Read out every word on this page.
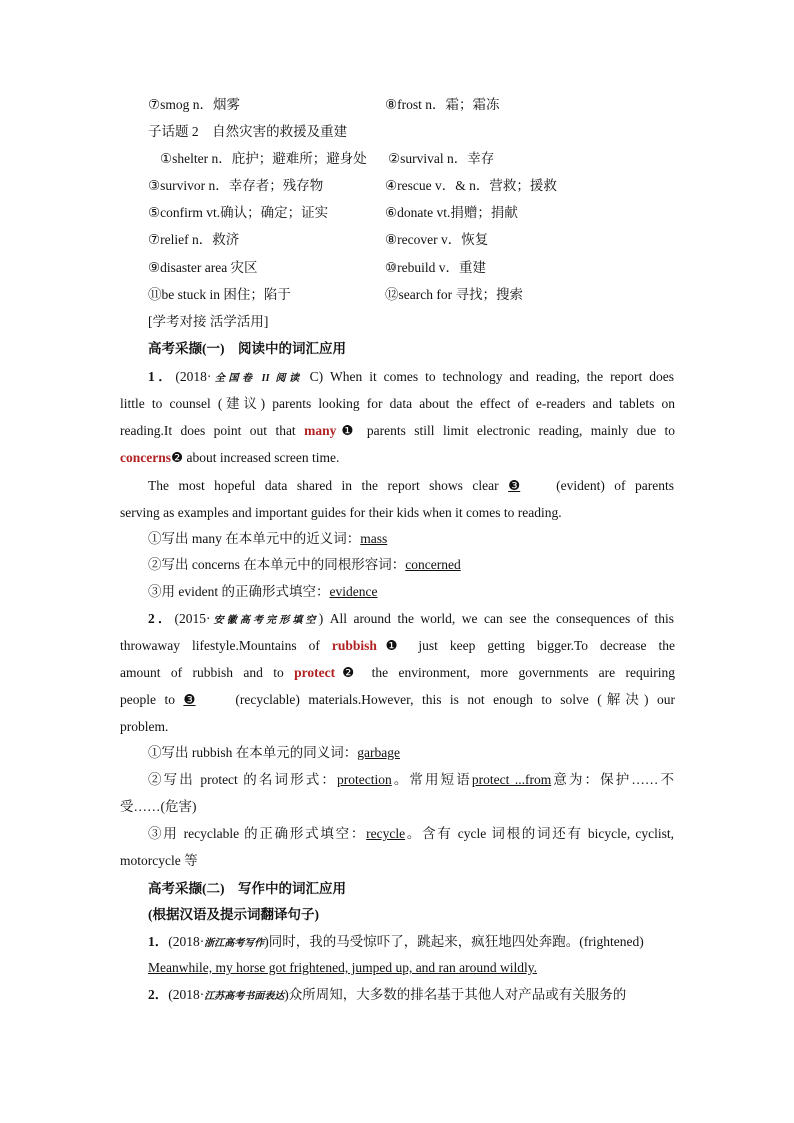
⑦smog n．烟雾	⑧frost n．霜；霜冻
子话题 2　自然灾害的救援及重建
①shelter n．庇护；避难所；避身处 ②survival n．幸存
③survivor n．幸存者；残存物	④rescue v．& n．营救；援救
⑤confirm vt.确认；确定；证实	⑥donate vt.捐赠；捐献
⑦relief n．救济	⑧recover v．恢复
⑨disaster area 灾区	⑩rebuild v．重建
⑪be stuck in 困住；陷于	⑫search for 寻找；搜索
[学考对接 活学活用]
高考采撷(一)　阅读中的词汇应用
1．(2018·全国卷 II 阅读 C) When it comes to technology and reading, the report does
little to counsel (建议) parents looking for data about the effect of e-readers and tablets on
reading.It does point out that many❶ parents still limit electronic reading, mainly due to
concerns❷ about increased screen time.
The most hopeful data shared in the report shows clear ❸	(evident) of parents
serving as examples and important guides for their kids when it comes to reading.
①写出 many 在本单元中的近义词：mass
②写出 concerns 在本单元中的同根形容词：concerned
③用 evident 的正确形式填空：evidence
2．(2015·安徽高考完形填空) All around the world, we can see the consequences of this
throwaway lifestyle.Mountains of rubbish❶ just keep getting bigger.To decrease the
amount of rubbish and to protect❷ the environment, more governments are requiring
people to ❸	(recyclable) materials.However, this is not enough to solve (解决) our
problem.
①写出 rubbish 在本单元的同义词：garbage
②写出 protect 的名词形式：protection。常用短语protect ...from意为：保护……不
受……(危害)
③用 recyclable 的正确形式填空：recycle。含有 cycle 词根的词还有 bicycle, cyclist,
motorcycle 等
高考采撷(二)　写作中的词汇应用
(根据汉语及提示词翻译句子)
1．(2018·浙江高考写作)同时，我的马受惊吓了，跳起来，疯狂地四处奔跑。(frightened)
Meanwhile, my horse got frightened, jumped up, and ran around wildly.
2．(2018·江苏高考书面表达)众所周知，大多数的排名基于其他人对产品或有关服务的
